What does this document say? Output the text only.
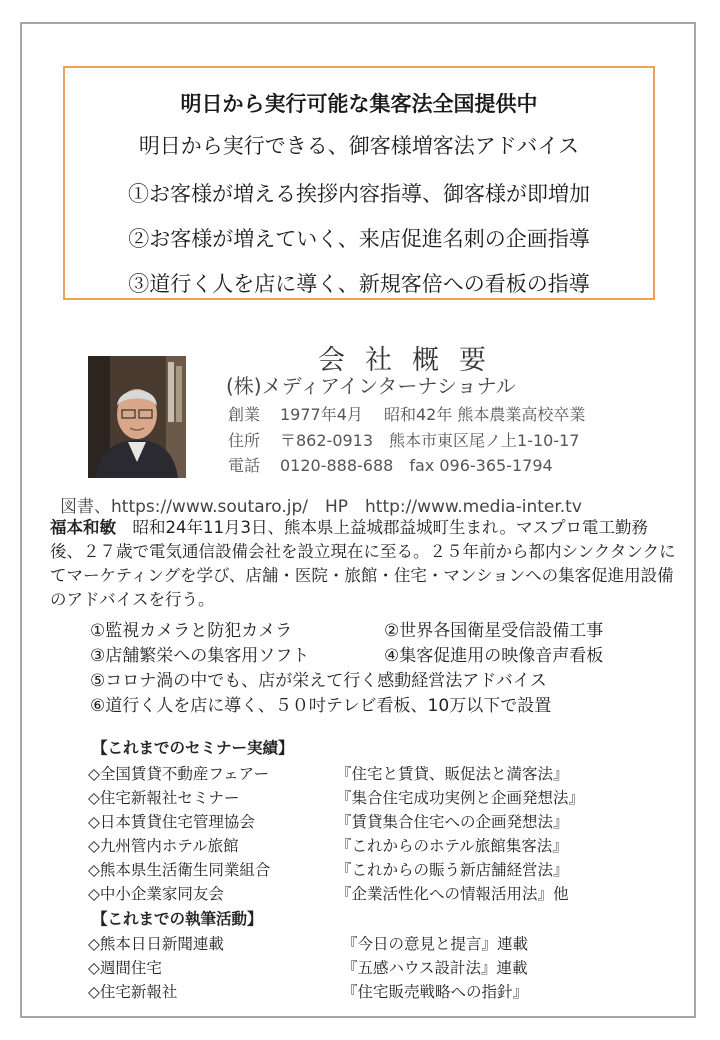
明日から実行可能な集客法全国提供中
明日から実行できる、御客様増客法アドバイス
①お客様が増える挨拶内容指導、御客様が即増加
②お客様が増えていく、来店促進名刺の企画指導
③道行く人を店に導く、新規客倍への看板の指導
会社概要
(株)メディアインターナショナル
創業 1977年4月　 昭和42年 熊本農業高校卒業
住所 〒862-0913　熊本市東区尾ノ上1-10-17
電話 0120-888-688　fax 096-365-1794
図書、https://www.soutaro.jp/　HP　http://www.media-inter.tv
福本和敏　昭和24年11月3日、熊本県上益城郡益城町生まれ。マスプロ電工勤務後、２７歳で電気通信設備会社を設立現在に至る。２５年前から都内シンクタンクにてマーケティングを学び、店舗・医院・旅館・住宅・マンションへの集客促進用設備のアドバイスを行う。
①監視カメラと防犯カメラ	②世界各国衛星受信設備工事
③店舗繁栄への集客用ソフト	④集客促進用の映像音声看板
⑤コロナ渦の中でも、店が栄えて行く感動経営法アドバイス
⑥道行く人を店に導く、５０吋テレビ看板、10万以下で設置
【これまでのセミナー実績】
◇全国賃貸不動産フェアー	『住宅と賃貸、販促法と満客法』
◇住宅新報社セミナー	『集合住宅成功実例と企画発想法』
◇日本賃貸住宅管理協会	『賃貸集合住宅への企画発想法』
◇九州管内ホテル旅館	『これからのホテル旅館集客法』
◇熊本県生活衛生同業組合	『これからの賑う新店舗経営法』
◇中小企業家同友会	『企業活性化への情報活用法』他
【これまでの執筆活動】
◇熊本日日新聞連載	『今日の意見と提言』連載
◇週間住宅	『五感ハウス設計法』連載
◇住宅新報社	『住宅販売戦略への指針』
